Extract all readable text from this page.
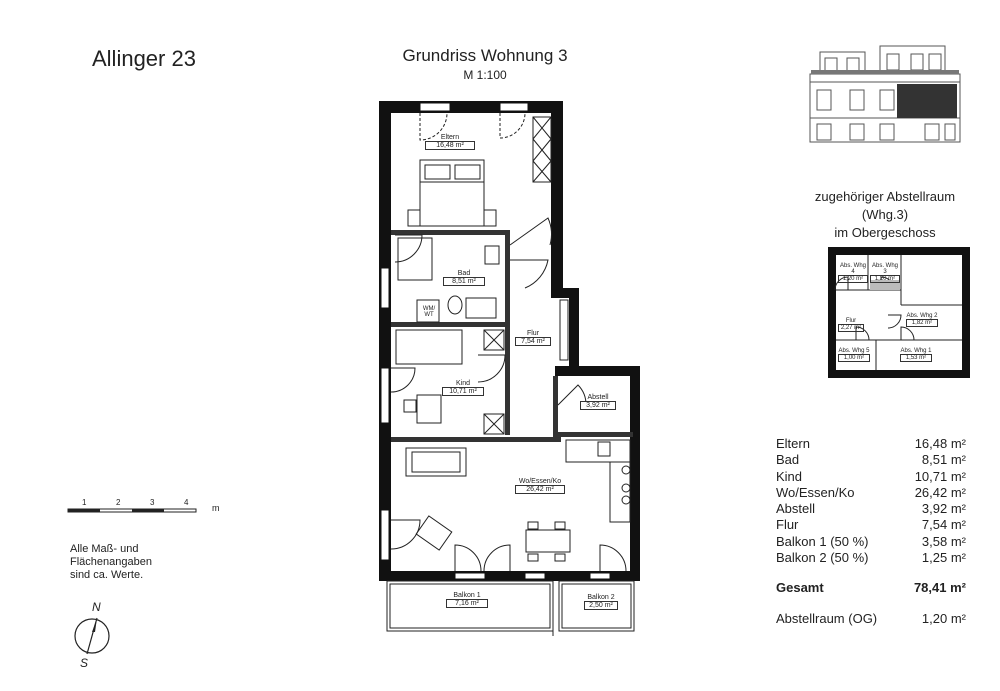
Allinger 23	Grundriss Wohnung 3
M 1:100
Eltern
16,48 m²
Bad
8,51 m²
WM/
WT
Flur
7,54 m²
Kind
10,71 m²
Abstell
3,92 m²
Wo/Essen/Ko
26,42 m²
Balkon 1
7,16 m²
Balkon 2
2,50 m²
zugehöriger Abstellraum
(Whg.3)
im Obergeschoss
Abs. Whg 4
1,20 m²
Abs. Whg 3
1,20 m²
Abs. Whg 2
1,82 m²
Flur
2,27 m²
Abs. Whg 5
1,00 m²
Abs. Whg 1
1,53 m²
Eltern	16,48 m²
Bad	8,51 m²
Kind	10,71 m²
Wo/Essen/Ko	26,42 m²
Abstell	3,92 m²
Flur	7,54 m²
Balkon 1 (50 %)	3,58 m²
Balkon 2 (50 %)	1,25 m²
Gesamt	78,41 m²
Abstellraum (OG)	1,20 m²
1	2	3	4
m
Alle Maß- und
Flächenangaben
sind ca. Werte.
N
S
